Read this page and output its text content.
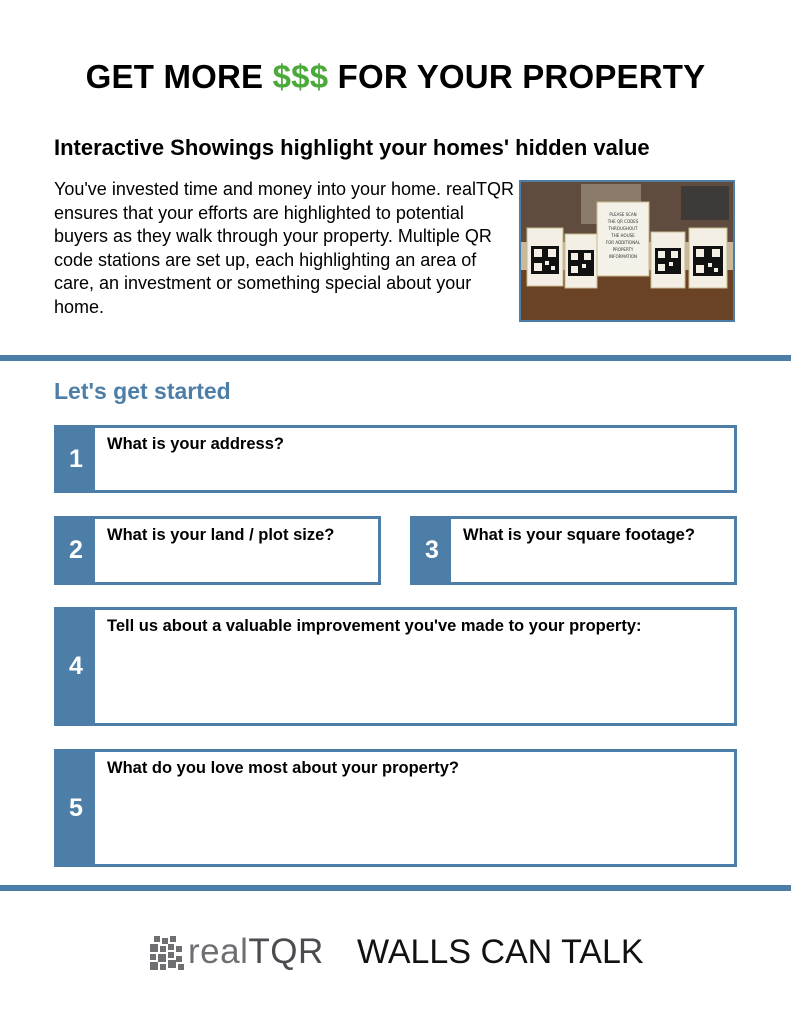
GET MORE $$$ FOR YOUR PROPERTY
Interactive Showings highlight your homes' hidden value
You've invested time and money into your home. realTQR ensures that your efforts are highlighted to potential buyers as they walk through your property. Multiple QR code stations are set up, each highlighting an area of care, an investment or something special about your home.
PLEASE SCAN
THE QR CODES
THROUGHOUT
THE HOUSE
FOR ADDITIONAL
PROPERTY
INFORMATION
Let's get started
1
What is your address?
2
What is your land / plot size?
3
What is your square footage?
4
Tell us about a valuable improvement you've made to your property:
5
What do you love most about your property?
realTQR WALLS CAN TALK
